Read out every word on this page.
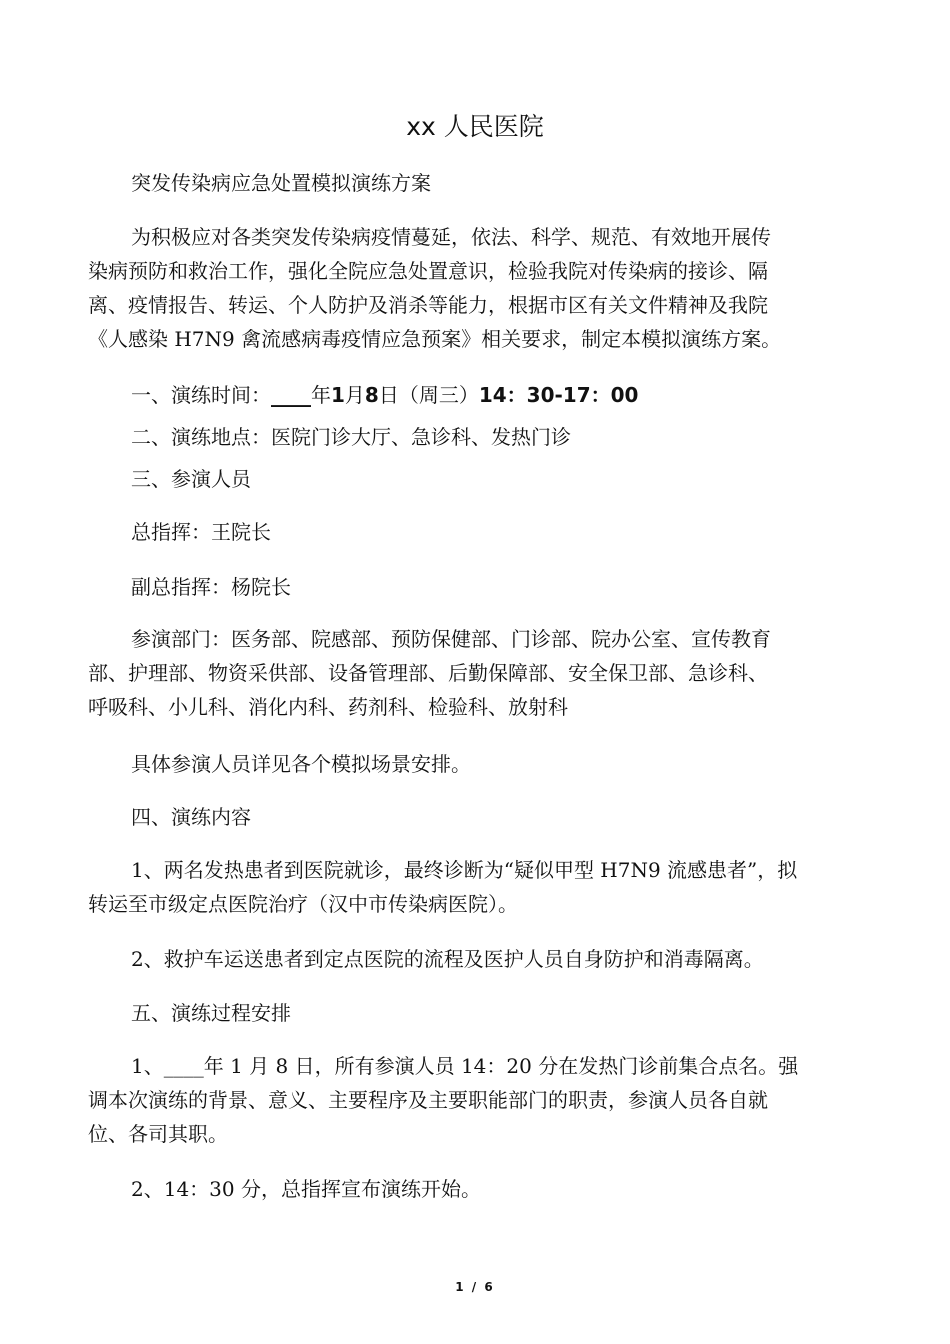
xx 人民医院
突发传染病应急处置模拟演练方案

为积极应对各类突发传染病疫情蔓延，依法、科学、规范、有效地开展传

染病预防和救治工作，强化全院应急处置意识，检验我院对传染病的接诊、隔

离、疫情报告、转运、个人防护及消杀等能力，根据市区有关文件精神及我院

《人感染 H7N9 禽流感病毒疫情应急预案》相关要求，制定本模拟演练方案。

一、演练时间：____年1月8日（周三）14：30-17：00
二、演练地点：医院门诊大厅、急诊科、发热门诊
三、参演人员
总指挥：王院长
副总指挥：杨院长

参演部门：医务部、院感部、预防保健部、门诊部、院办公室、宣传教育

部、护理部、物资采供部、设备管理部、后勤保障部、安全保卫部、急诊科、

呼吸科、小儿科、消化内科、药剂科、检验科、放射科

具体参演人员详见各个模拟场景安排。
四、演练内容

1、两名发热患者到医院就诊，最终诊断为“疑似甲型 H7N9 流感患者”，拟

转运至市级定点医院治疗（汉中市传染病医院）。

2、救护车运送患者到定点医院的流程及医护人员自身防护和消毒隔离。
五、演练过程安排

1、____年 1 月 8 日，所有参演人员 14：20 分在发热门诊前集合点名。强

调本次演练的背景、意义、主要程序及主要职能部门的职责，参演人员各自就

位、各司其职。

2、14：30 分，总指挥宣布演练开始。
1 / 6
